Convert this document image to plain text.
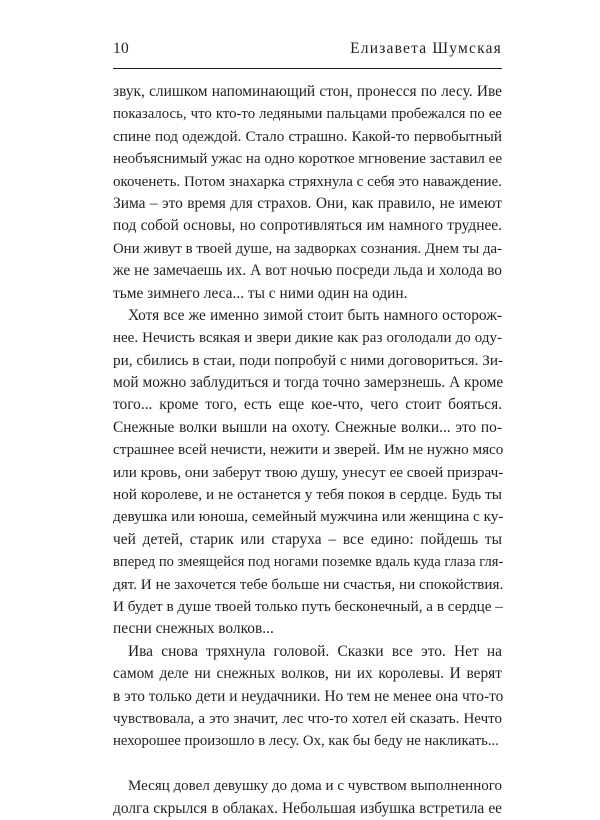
10	Елизавета Шумская
звук, слишком напоминающий стон, пронесся по лесу. Иве
показалось, что кто-то ледяными пальцами пробежался по ее
спине под одеждой. Стало страшно. Какой-то первобытный
необъяснимый ужас на одно короткое мгновение заставил ее
окоченеть. Потом знахарка стряхнула с себя это наваждение.
Зима – это время для страхов. Они, как правило, не имеют
под собой основы, но сопротивляться им намного труднее.
Они живут в твоей душе, на задворках сознания. Днем ты да-
же не замечаешь их. А вот ночью посреди льда и холода во
тьме зимнего леса... ты с ними один на один.
Хотя все же именно зимой стоит быть намного осторож-
нее. Нечисть всякая и звери дикие как раз оголодали до оду-
ри, сбились в стаи, поди попробуй с ними договориться. Зи-
мой можно заблудиться и тогда точно замерзнешь. А кроме
того... кроме того, есть еще кое-что, чего стоит бояться.
Снежные волки вышли на охоту. Снежные волки... это по-
страшнее всей нечисти, нежити и зверей. Им не нужно мясо
или кровь, они заберут твою душу, унесут ее своей призрач-
ной королеве, и не останется у тебя покоя в сердце. Будь ты
девушка или юноша, семейный мужчина или женщина с ку-
чей детей, старик или старуха – все едино: пойдешь ты
вперед по змеящейся под ногами поземке вдаль куда глаза гля-
дят. И не захочется тебе больше ни счастья, ни спокойствия.
И будет в душе твоей только путь бесконечный, а в сердце –
песни снежных волков...
Ива снова тряхнула головой. Сказки все это. Нет на
самом деле ни снежных волков, ни их королевы. И верят
в это только дети и неудачники. Но тем не менее она что-то
чувствовала, а это значит, лес что-то хотел ей сказать. Нечто
нехорошее произошло в лесу. Ох, как бы беду не накликать...
Месяц довел девушку до дома и с чувством выполненного
долга скрылся в облаках. Небольшая избушка встретила ее
